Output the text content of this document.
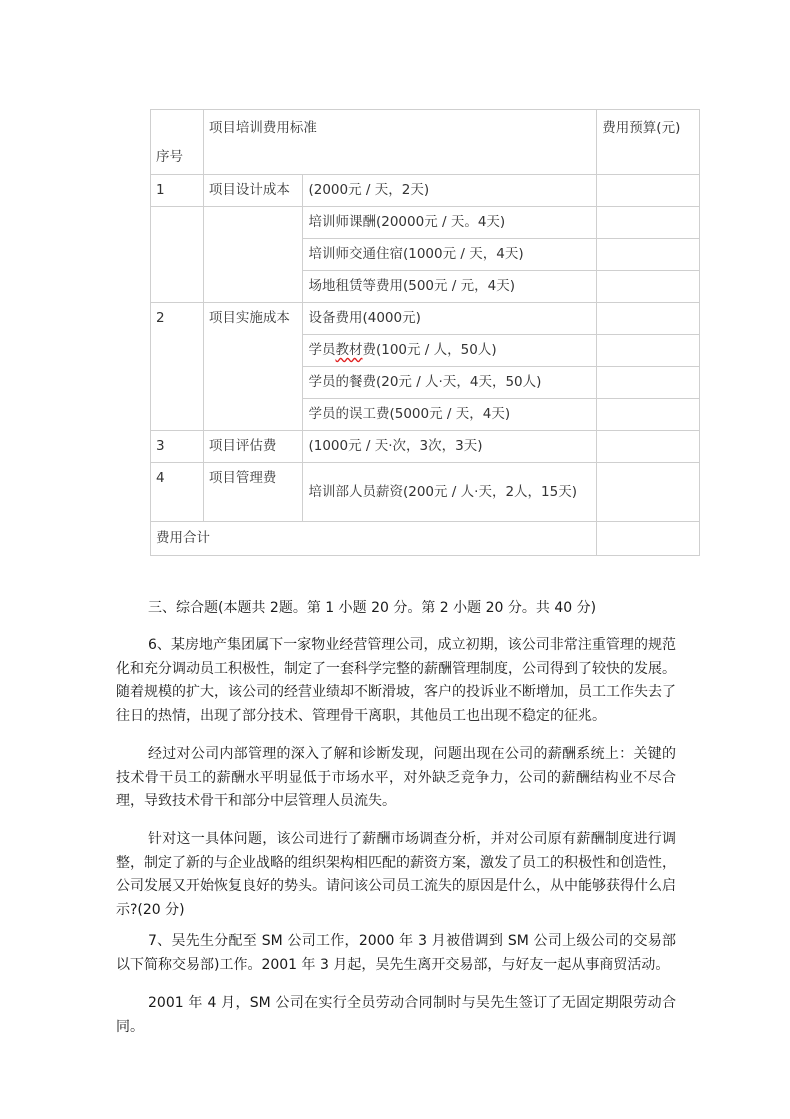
序号	项目培训费用标准		费用预算(元)
1	项目设计成本	(2000元 / 天，2天)	
		培训师课酬(20000元 / 天。4天)	
		培训师交通住宿(1000元 / 天，4天)	
		场地租赁等费用(500元 / 元，4天)	
2	项目实施成本	设备费用(4000元)	
		学员教材费(100元 / 人，50人)	
		学员的餐费(20元 / 人·天，4天，50人)	
		学员的误工费(5000元 / 天，4天)	
3	项目评估费	(1000元 / 天·次，3次，3天)	
4	项目管理费	培训部人员薪资(200元 / 人·天，2人，15天)	
费用合计			

三、综合题(本题共 2题。第 1 小题 20 分。第 2 小题 20 分。共 40 分)

6、某房地产集团属下一家物业经营管理公司，成立初期，该公司非常注重管理的规范化和充分调动员工积极性，制定了一套科学完整的薪酬管理制度，公司得到了较快的发展。随着规模的扩大，该公司的经营业绩却不断滑坡，客户的投诉业不断增加，员工工作失去了往日的热情，出现了部分技术、管理骨干离职，其他员工也出现不稳定的征兆。

经过对公司内部管理的深入了解和诊断发现，问题出现在公司的薪酬系统上：关键的技术骨干员工的薪酬水平明显低于市场水平，对外缺乏竞争力，公司的薪酬结构业不尽合理，导致技术骨干和部分中层管理人员流失。

针对这一具体问题，该公司进行了薪酬市场调查分析，并对公司原有薪酬制度进行调整，制定了新的与企业战略的组织架构相匹配的薪资方案，激发了员工的积极性和创造性，公司发展又开始恢复良好的势头。请问该公司员工流失的原因是什么，从中能够获得什么启示?(20 分)

7、吴先生分配至 SM 公司工作，2000 年 3 月被借调到 SM 公司上级公司的交易部以下简称交易部)工作。2001 年 3 月起，吴先生离开交易部，与好友一起从事商贸活动。

2001 年 4 月，SM 公司在实行全员劳动合同制时与吴先生签订了无固定期限劳动合同。
